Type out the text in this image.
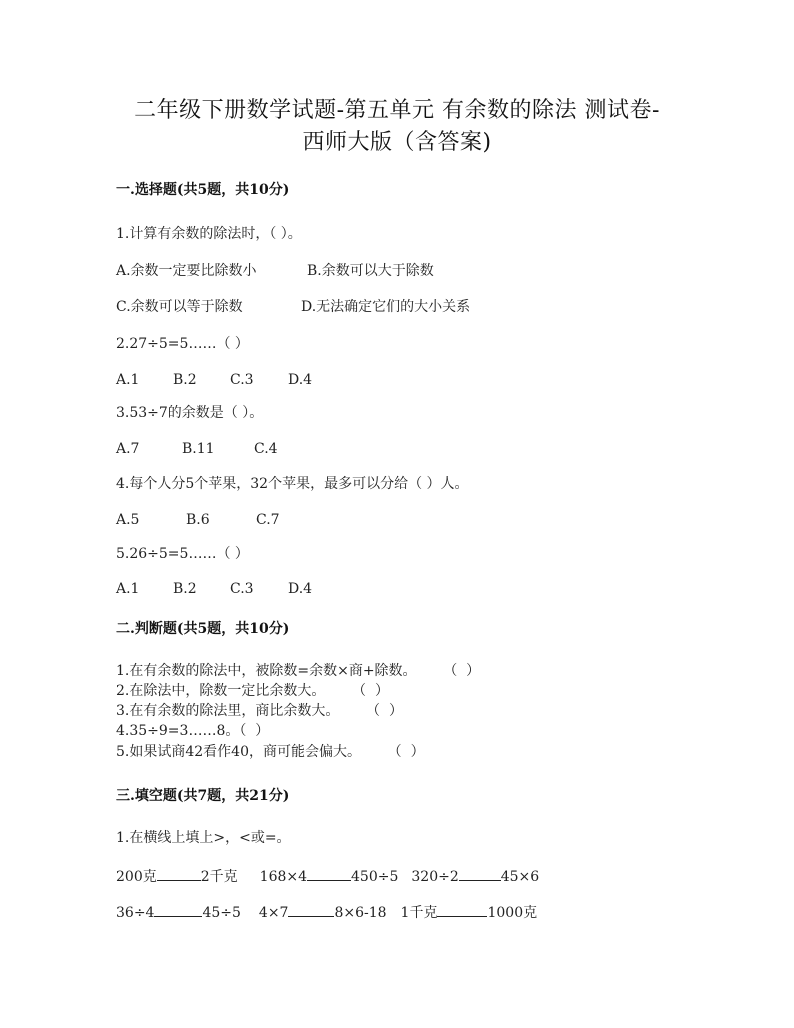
二年级下册数学试题-第五单元 有余数的除法 测试卷-
西师大版（含答案)
一.选择题(共5题，共10分)
1.计算有余数的除法时，（ ）。
A.余数一定要比除数小	B.余数可以大于除数
C.余数可以等于除数	D.无法确定它们的大小关系
2.27÷5=5……（ ）
A.1 B.2 C.3 D.4
3.53÷7的余数是（ ）。
A.7	B.11	C.4
4.每个人分5个苹果，32个苹果，最多可以分给（ ）人。
A.5	B.6	C.7
5.26÷5=5……（ ）
A.1 B.2 C.3 D.4
二.判断题(共5题，共10分)
1.在有余数的除法中，被除数=余数×商+除数。      （  ）
2.在除法中，除数一定比余数大。      （  ）
3.在有余数的除法里，商比余数大。      （  ）
4.35÷9=3……8。（  ）
5.如果试商42看作40，商可能会偏大。      （  ）
三.填空题(共7题，共21分)
1.在横线上填上>，<或=。
200克	2千克 168×4	450÷5 320÷2	45×6
36÷4	45÷5 4×7	8×6-18 1千克	1000克
